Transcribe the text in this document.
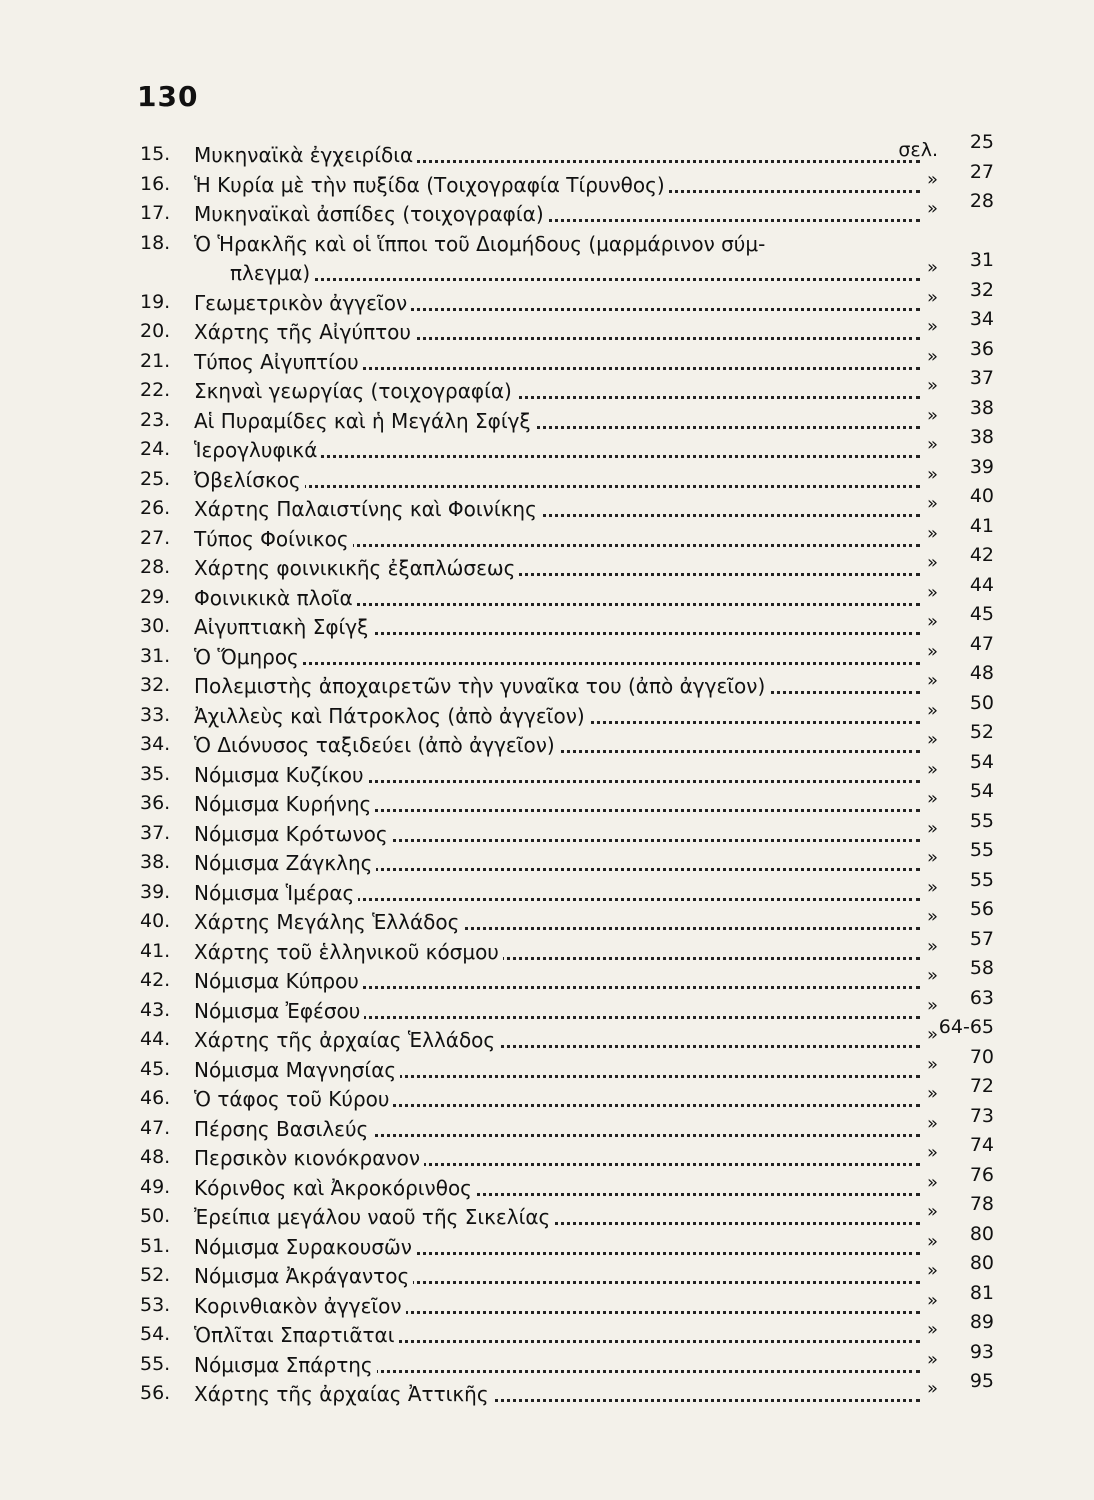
130
15.	Μυκηναϊκὰ ἐγχειρίδια	σελ.	25
16.	Ἡ Κυρία μὲ τὴν πυξίδα (Τοιχογραφία Τίρυνθος)	»	27
17.	Μυκηναϊκαὶ ἀσπίδες (τοιχογραφία)	»	28
18.	Ὁ Ἡρακλῆς καὶ οἱ ἵπποι τοῦ Διομήδους (μαρμάρινον σύμ-
πλεγμα)	»	31
19.	Γεωμετρικὸν ἀγγεῖον	»	32
20.	Χάρτης τῆς Αἰγύπτου	»	34
21.	Τύπος Αἰγυπτίου	»	36
22.	Σκηναὶ γεωργίας (τοιχογραφία)	»	37
23.	Αἱ Πυραμίδες καὶ ἡ Μεγάλη Σφίγξ	»	38
24.	Ἱερογλυφικά	»	38
25.	Ὀβελίσκος	»	39
26.	Χάρτης Παλαιστίνης καὶ Φοινίκης	»	40
27.	Τύπος Φοίνικος	»	41
28.	Χάρτης φοινικικῆς ἐξαπλώσεως	»	42
29.	Φοινικικὰ πλοῖα	»	44
30.	Αἰγυπτιακὴ Σφίγξ	»	45
31.	Ὁ Ὅμηρος	»	47
32.	Πολεμιστὴς ἀποχαιρετῶν τὴν γυναῖκα του (ἀπὸ ἀγγεῖον)	»	48
33.	Ἀχιλλεὺς καὶ Πάτροκλος (ἀπὸ ἀγγεῖον)	»	50
34.	Ὁ Διόνυσος ταξιδεύει (ἀπὸ ἀγγεῖον)	»	52
35.	Νόμισμα Κυζίκου	»	54
36.	Νόμισμα Κυρήνης	»	54
37.	Νόμισμα Κρότωνος	»	55
38.	Νόμισμα Ζάγκλης	»	55
39.	Νόμισμα Ἱμέρας	»	55
40.	Χάρτης Μεγάλης Ἑλλάδος	»	56
41.	Χάρτης τοῦ ἑλληνικοῦ κόσμου	»	57
42.	Νόμισμα Κύπρου	»	58
43.	Νόμισμα Ἐφέσου	»	63
44.	Χάρτης τῆς ἀρχαίας Ἑλλάδος	» 64-65
45.	Νόμισμα Μαγνησίας	»	70
46.	Ὁ τάφος τοῦ Κύρου	»	72
47.	Πέρσης Βασιλεύς	»	73
48.	Περσικὸν κιονόκρανον	»	74
49.	Κόρινθος καὶ Ἀκροκόρινθος	»	76
50.	Ἐρείπια μεγάλου ναοῦ τῆς Σικελίας	»	78
51.	Νόμισμα Συρακουσῶν	»	80
52.	Νόμισμα Ἀκράγαντος	»	80
53.	Κορινθιακὸν ἀγγεῖον	»	81
54.	Ὁπλῖται Σπαρτιᾶται	»	89
55.	Νόμισμα Σπάρτης	»	93
56.	Χάρτης τῆς ἀρχαίας Ἀττικῆς	»	95
